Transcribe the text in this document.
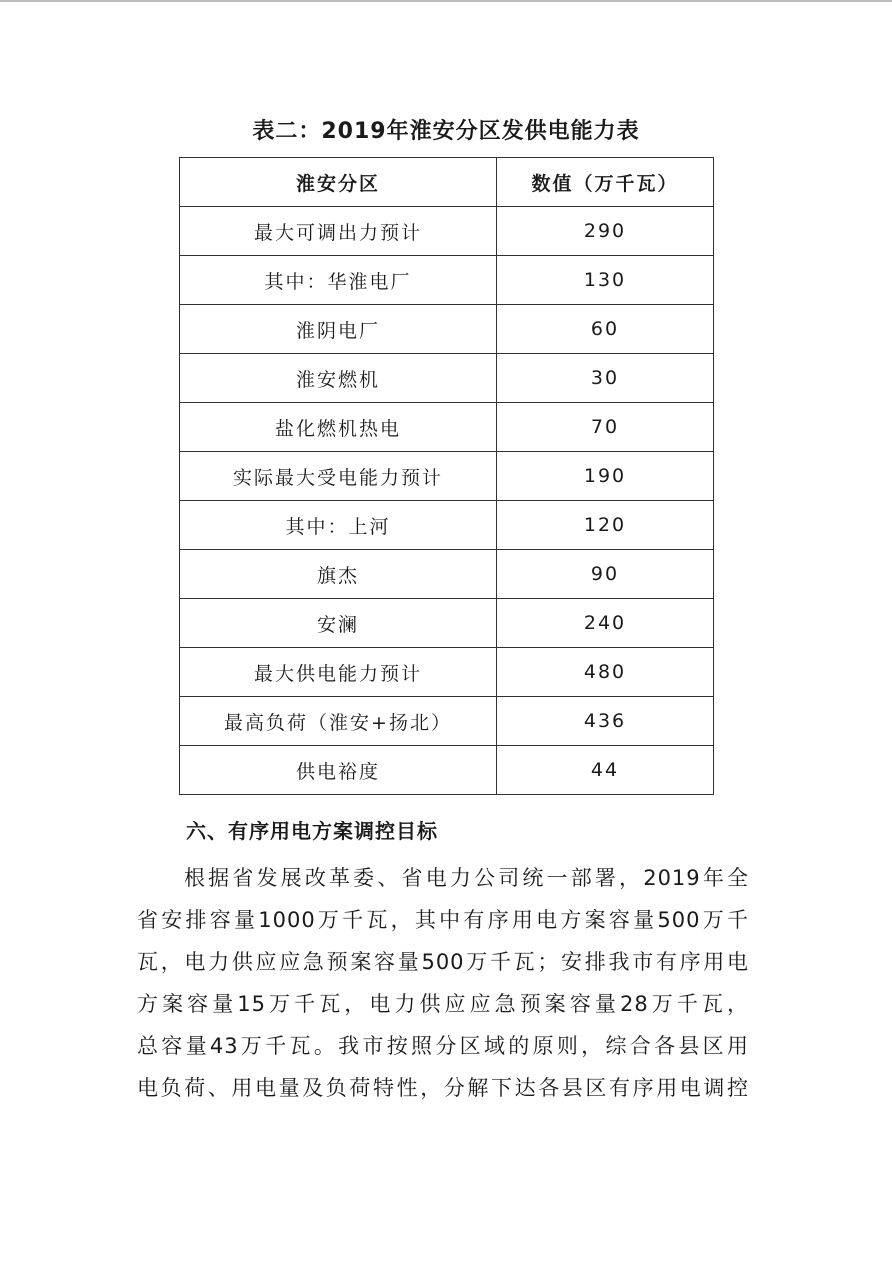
表二：2019年淮安分区发供电能力表
淮安分区	数值（万千瓦）
最大可调出力预计	290
其中：华淮电厂	130
淮阴电厂	60
淮安燃机	30
盐化燃机热电	70
实际最大受电能力预计	190
其中：上河	120
旗杰	90
安澜	240
最大供电能力预计	480
最高负荷（淮安+扬北）	436
供电裕度	44
六、有序用电方案调控目标
根据省发展改革委、省电力公司统一部署，2019年全
省安排容量1000万千瓦，其中有序用电方案容量500万千
瓦，电力供应应急预案容量500万千瓦；安排我市有序用电
方案容量15万千瓦，电力供应应急预案容量28万千瓦，
总容量43万千瓦。我市按照分区域的原则，综合各县区用
电负荷、用电量及负荷特性，分解下达各县区有序用电调控
